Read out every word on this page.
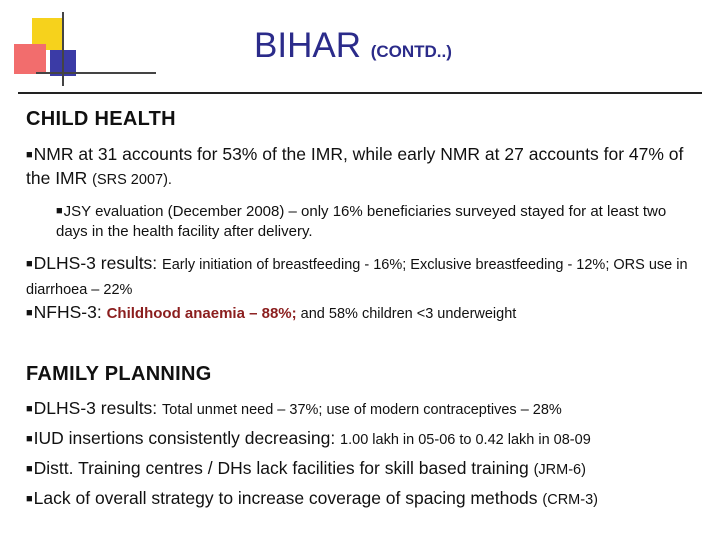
BIHAR (CONTD..)
CHILD HEALTH
■NMR at 31 accounts for 53% of the IMR, while early NMR at 27 accounts for 47% of the IMR (SRS 2007).
■JSY evaluation (December 2008) – only 16% beneficiaries surveyed stayed for at least two days in the health facility after delivery.
■DLHS-3 results: Early initiation of breastfeeding - 16%; Exclusive breastfeeding - 12%; ORS use in diarrhoea – 22%
■NFHS-3: Childhood anaemia – 88%; and 58% children <3 underweight
FAMILY PLANNING
■DLHS-3 results: Total unmet need – 37%; use of modern contraceptives – 28%
■IUD insertions consistently decreasing: 1.00 lakh in 05-06 to 0.42 lakh in 08-09
■Distt. Training centres / DHs lack facilities for skill based training (JRM-6)
■Lack of overall strategy to increase coverage of spacing methods (CRM-3)
